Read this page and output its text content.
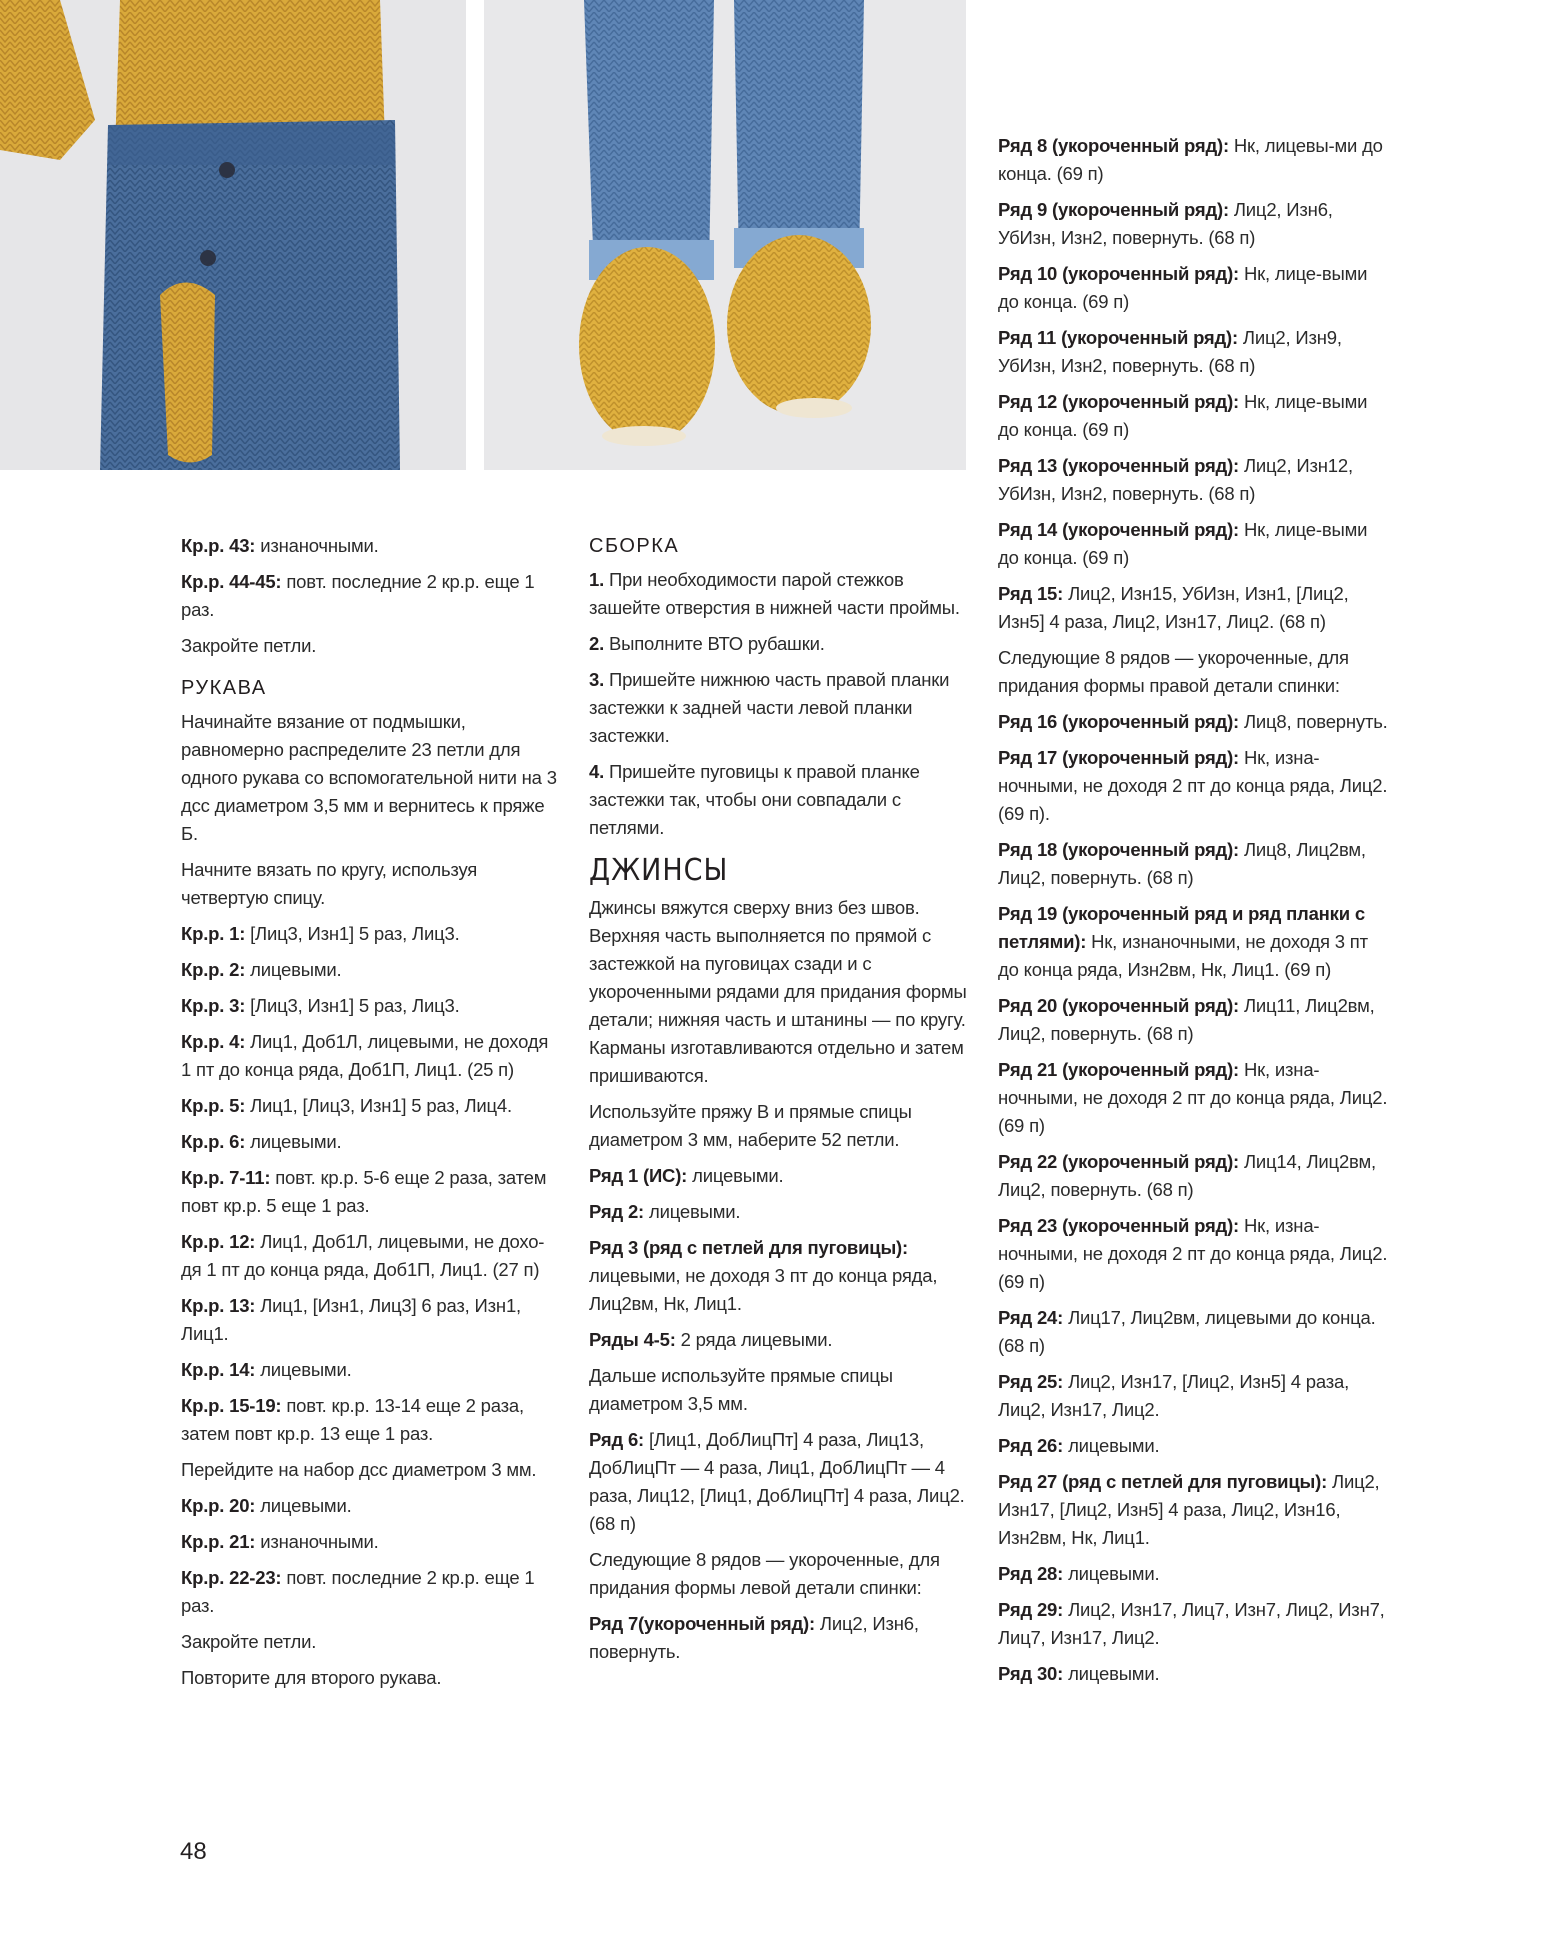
Кр.р. 43: изнаночными.

Кр.р. 44-45: повт. последние 2 кр.р. еще 1 раз.

Закройте петли.

РУКАВА

Начинайте вязание от подмышки, равномерно распределите 23 петли для одного рукава со вспомогательной нити на 3 дсс диаметром 3,5 мм и вернитесь к пряже Б.

Начните вязать по кругу, используя четвертую спицу.

Кр.р. 1: [Лиц3, Изн1] 5 раз, Лиц3.

Кр.р. 2: лицевыми.

Кр.р. 3: [Лиц3, Изн1] 5 раз, Лиц3.

Кр.р. 4: Лиц1, Доб1Л, лицевыми, не доходя 1 пт до конца ряда, Доб1П, Лиц1. (25 п)

Кр.р. 5: Лиц1, [Лиц3, Изн1] 5 раз, Лиц4.

Кр.р. 6: лицевыми.

Кр.р. 7-11: повт. кр.р. 5-6 еще 2 раза, затем повт кр.р. 5 еще 1 раз.

Кр.р. 12: Лиц1, Доб1Л, лицевыми, не дохо-дя 1 пт до конца ряда, Доб1П, Лиц1. (27 п)

Кр.р. 13: Лиц1, [Изн1, Лиц3] 6 раз, Изн1, Лиц1.

Кр.р. 14: лицевыми.

Кр.р. 15-19: повт. кр.р. 13-14 еще 2 раза, затем повт кр.р. 13 еще 1 раз.

Перейдите на набор дсс диаметром 3 мм.

Кр.р. 20: лицевыми.

Кр.р. 21: изнаночными.

Кр.р. 22-23: повт. последние 2 кр.р. еще 1 раз.

Закройте петли.

Повторите для второго рукава.

СБОРКА

1. При необходимости парой стежков зашейте отверстия в нижней части проймы.

2. Выполните ВТО рубашки.

3. Пришейте нижнюю часть правой планки застежки к задней части левой планки застежки.

4. Пришейте пуговицы к правой планке застежки так, чтобы они совпадали с петлями.

ДЖИНСЫ

Джинсы вяжутся сверху вниз без швов. Верхняя часть выполняется по прямой с застежкой на пуговицах сзади и с укороченными рядами для придания формы детали; нижняя часть и штанины — по кругу. Карманы изготавливаются отдельно и затем пришиваются.

Используйте пряжу В и прямые спицы диаметром 3 мм, наберите 52 петли.

Ряд 1 (ИС): лицевыми.

Ряд 2: лицевыми.

Ряд 3 (ряд с петлей для пуговицы): лицевыми, не доходя 3 пт до конца ряда, Лиц2вм, Нк, Лиц1.

Ряды 4-5: 2 ряда лицевыми.

Дальше используйте прямые спицы диаметром 3,5 мм.

Ряд 6: [Лиц1, ДобЛицПт] 4 раза, Лиц13, ДобЛицПт — 4 раза, Лиц1, ДобЛицПт — 4 раза, Лиц12, [Лиц1, ДобЛицПт] 4 раза, Лиц2. (68 п)

Следующие 8 рядов — укороченные, для придания формы левой детали спинки:

Ряд 7(укороченный ряд): Лиц2, Изн6, повернуть.

Ряд 8 (укороченный ряд): Нк, лицевы-ми до конца. (69 п)

Ряд 9 (укороченный ряд): Лиц2, Изн6, УбИзн, Изн2, повернуть. (68 п)

Ряд 10 (укороченный ряд): Нк, лице-выми до конца. (69 п)

Ряд 11 (укороченный ряд): Лиц2, Изн9, УбИзн, Изн2, повернуть. (68 п)

Ряд 12 (укороченный ряд): Нк, лице-выми до конца. (69 п)

Ряд 13 (укороченный ряд): Лиц2, Изн12, УбИзн, Изн2, повернуть. (68 п)

Ряд 14 (укороченный ряд): Нк, лице-выми до конца. (69 п)

Ряд 15: Лиц2, Изн15, УбИзн, Изн1, [Лиц2, Изн5] 4 раза, Лиц2, Изн17, Лиц2. (68 п)

Следующие 8 рядов — укороченные, для придания формы правой детали спинки:

Ряд 16 (укороченный ряд): Лиц8, повернуть.

Ряд 17 (укороченный ряд): Нк, изна-ночными, не доходя 2 пт до конца ряда, Лиц2. (69 п).

Ряд 18 (укороченный ряд): Лиц8, Лиц2вм, Лиц2, повернуть. (68 п)

Ряд 19 (укороченный ряд и ряд планки с петлями): Нк, изнаночными, не доходя 3 пт до конца ряда, Изн2вм, Нк, Лиц1. (69 п)

Ряд 20 (укороченный ряд): Лиц11, Лиц2вм, Лиц2, повернуть. (68 п)

Ряд 21 (укороченный ряд): Нк, изна-ночными, не доходя 2 пт до конца ряда, Лиц2. (69 п)

Ряд 22 (укороченный ряд): Лиц14, Лиц2вм, Лиц2, повернуть. (68 п)

Ряд 23 (укороченный ряд): Нк, изна-ночными, не доходя 2 пт до конца ряда, Лиц2. (69 п)

Ряд 24: Лиц17, Лиц2вм, лицевыми до конца. (68 п)

Ряд 25: Лиц2, Изн17, [Лиц2, Изн5] 4 раза, Лиц2, Изн17, Лиц2.

Ряд 26: лицевыми.

Ряд 27 (ряд с петлей для пуговицы): Лиц2, Изн17, [Лиц2, Изн5] 4 раза, Лиц2, Изн16, Изн2вм, Нк, Лиц1.

Ряд 28: лицевыми.

Ряд 29: Лиц2, Изн17, Лиц7, Изн7, Лиц2, Изн7, Лиц7, Изн17, Лиц2.

Ряд 30: лицевыми.

48
